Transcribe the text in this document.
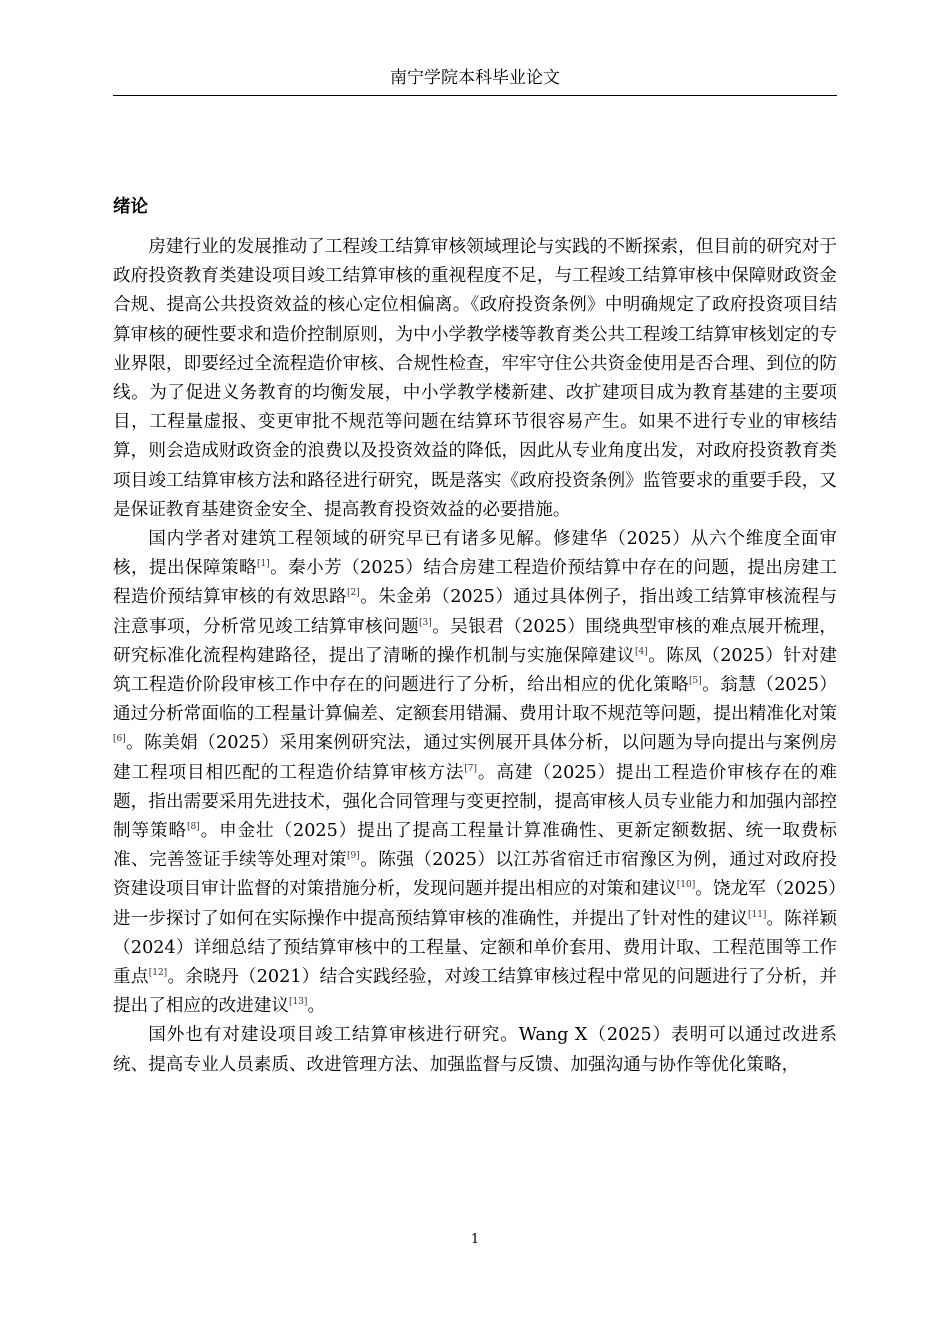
南宁学院本科毕业论文
绪论

房建行业的发展推动了工程竣工结算审核领域理论与实践的不断探索，但目前的研究对于政府投资教育类建设项目竣工结算审核的重视程度不足，与工程竣工结算审核中保障财政资金合规、提高公共投资效益的核心定位相偏离。《政府投资条例》中明确规定了政府投资项目结算审核的硬性要求和造价控制原则，为中小学教学楼等教育类公共工程竣工结算审核划定的专业界限，即要经过全流程造价审核、合规性检查，牢牢守住公共资金使用是否合理、到位的防线。为了促进义务教育的均衡发展，中小学教学楼新建、改扩建项目成为教育基建的主要项目，工程量虚报、变更审批不规范等问题在结算环节很容易产生。如果不进行专业的审核结算，则会造成财政资金的浪费以及投资效益的降低，因此从专业角度出发，对政府投资教育类项目竣工结算审核方法和路径进行研究，既是落实《政府投资条例》监管要求的重要手段，又是保证教育基建资金安全、提高教育投资效益的必要措施。

国内学者对建筑工程领域的研究早已有诸多见解。修建华（2025）从六个维度全面审核，提出保障策略[1]。秦小芳（2025）结合房建工程造价预结算中存在的问题，提出房建工程造价预结算审核的有效思路[2]。朱金弟（2025）通过具体例子，指出竣工结算审核流程与注意事项，分析常见竣工结算审核问题[3]。吴银君（2025）围绕典型审核的难点展开梳理，研究标准化流程构建路径，提出了清晰的操作机制与实施保障建议[4]。陈凤（2025）针对建筑工程造价阶段审核工作中存在的问题进行了分析，给出相应的优化策略[5]。翁慧（2025）通过分析常面临的工程量计算偏差、定额套用错漏、费用计取不规范等问题，提出精准化对策[6]。陈美娟（2025）采用案例研究法，通过实例展开具体分析，以问题为导向提出与案例房建工程项目相匹配的工程造价结算审核方法[7]。高建（2025）提出工程造价审核存在的难题，指出需要采用先进技术，强化合同管理与变更控制，提高审核人员专业能力和加强内部控制等策略[8]。申金壮（2025）提出了提高工程量计算准确性、更新定额数据、统一取费标准、完善签证手续等处理对策[9]。陈强（2025）以江苏省宿迁市宿豫区为例，通过对政府投资建设项目审计监督的对策措施分析，发现问题并提出相应的对策和建议[10]。饶龙军（2025）进一步探讨了如何在实际操作中提高预结算审核的准确性，并提出了针对性的建议[11]。陈祥颖（2024）详细总结了预结算审核中的工程量、定额和单价套用、费用计取、工程范围等工作重点[12]。余晓丹（2021）结合实践经验，对竣工结算审核过程中常见的问题进行了分析，并提出了相应的改进建议[13]。

国外也有对建设项目竣工结算审核进行研究。Wang X（2025）表明可以通过改进系统、提高专业人员素质、改进管理方法、加强监督与反馈、加强沟通与协作等优化策略，

1
